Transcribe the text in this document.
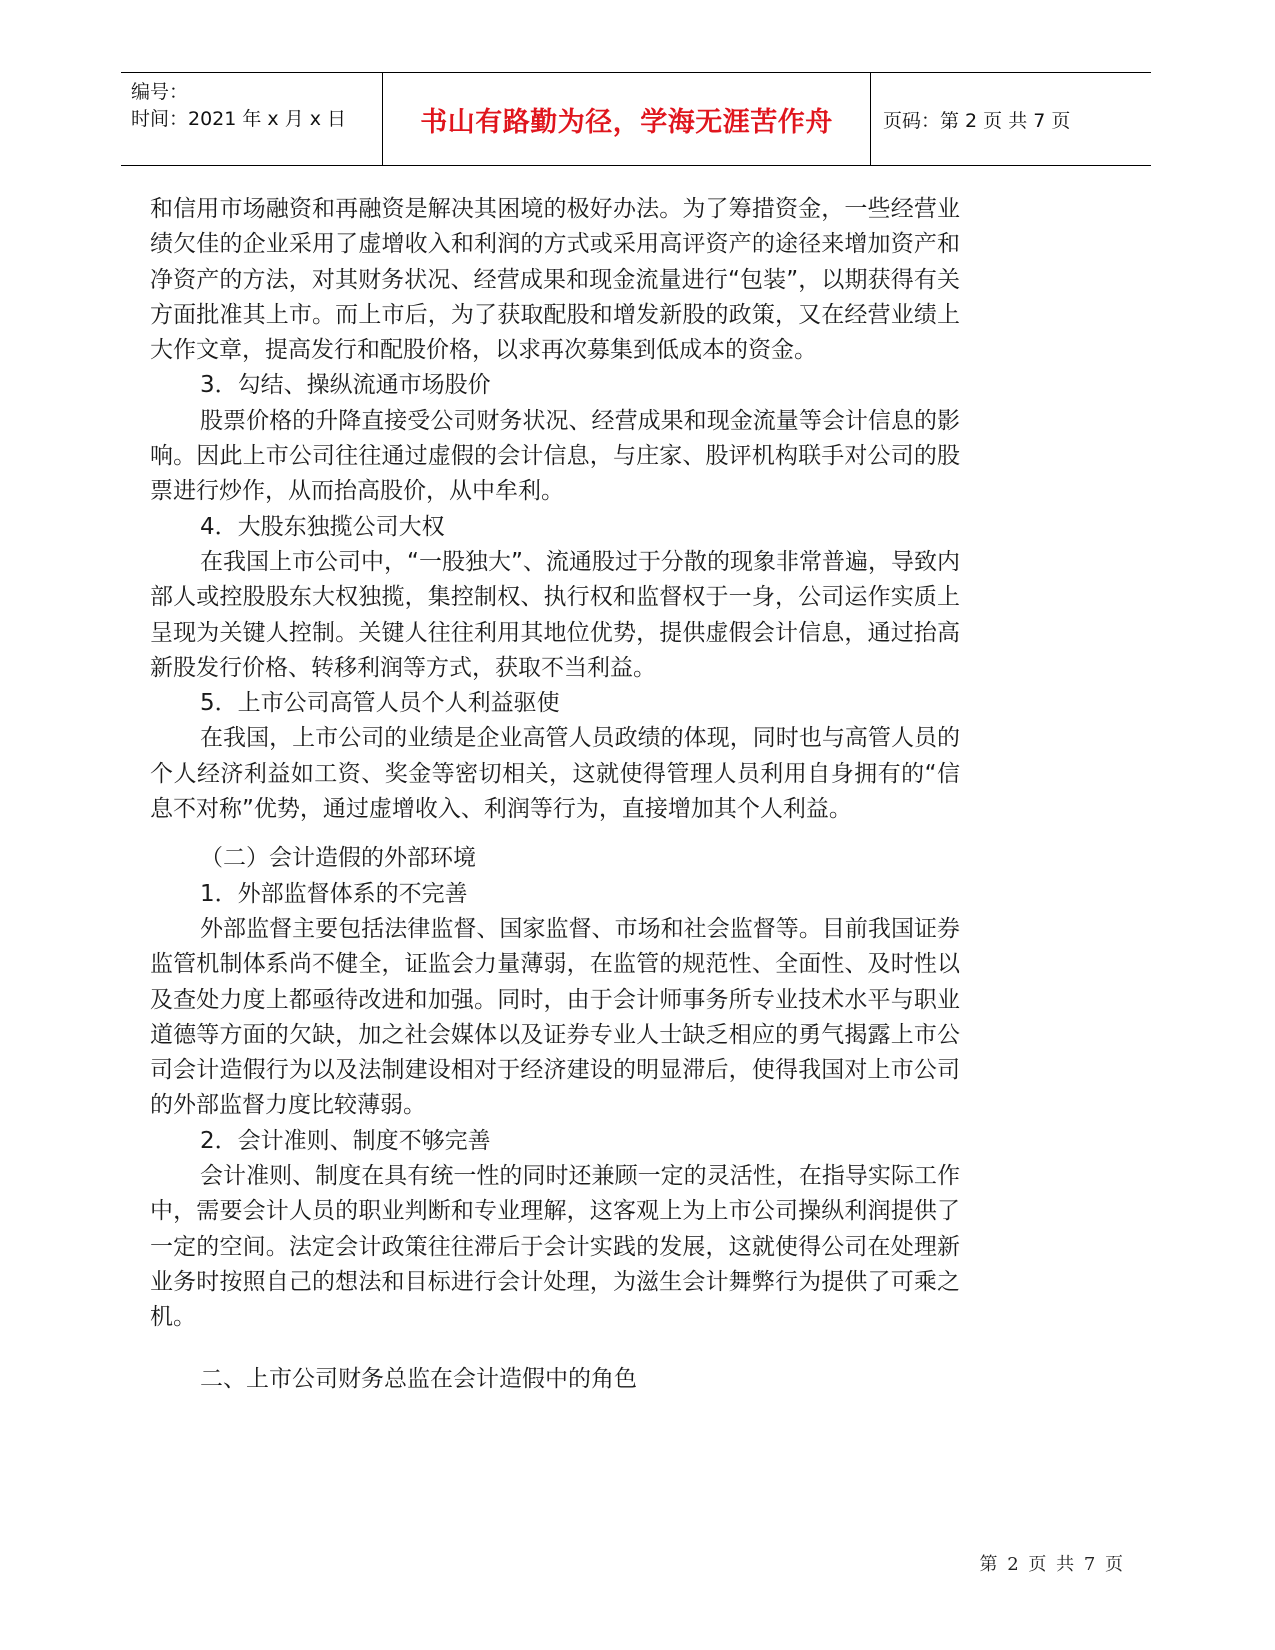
编号：
时间：2021 年 x 月 x 日	书山有路勤为径，学海无涯苦作舟	页码：第 2 页 共 7 页

和信用市场融资和再融资是解决其困境的极好办法。为了筹措资金，一些经营业绩欠佳的企业采用了虚增收入和利润的方式或采用高评资产的途径来增加资产和净资产的方法，对其财务状况、经营成果和现金流量进行“包装”，以期获得有关方面批准其上市。而上市后，为了获取配股和增发新股的政策，又在经营业绩上大作文章，提高发行和配股价格，以求再次募集到低成本的资金。

3．勾结、操纵流通市场股价

股票价格的升降直接受公司财务状况、经营成果和现金流量等会计信息的影响。因此上市公司往往通过虚假的会计信息，与庄家、股评机构联手对公司的股票进行炒作，从而抬高股价，从中牟利。

4．大股东独揽公司大权

在我国上市公司中，“一股独大”、流通股过于分散的现象非常普遍，导致内部人或控股股东大权独揽，集控制权、执行权和监督权于一身，公司运作实质上呈现为关键人控制。关键人往往利用其地位优势，提供虚假会计信息，通过抬高新股发行价格、转移利润等方式，获取不当利益。

5．上市公司高管人员个人利益驱使

在我国，上市公司的业绩是企业高管人员政绩的体现，同时也与高管人员的个人经济利益如工资、奖金等密切相关，这就使得管理人员利用自身拥有的“信息不对称”优势，通过虚增收入、利润等行为，直接增加其个人利益。

（二）会计造假的外部环境

1．外部监督体系的不完善

外部监督主要包括法律监督、国家监督、市场和社会监督等。目前我国证券监管机制体系尚不健全，证监会力量薄弱，在监管的规范性、全面性、及时性以及查处力度上都亟待改进和加强。同时，由于会计师事务所专业技术水平与职业道德等方面的欠缺，加之社会媒体以及证券专业人士缺乏相应的勇气揭露上市公司会计造假行为以及法制建设相对于经济建设的明显滞后，使得我国对上市公司的外部监督力度比较薄弱。

2．会计准则、制度不够完善

会计准则、制度在具有统一性的同时还兼顾一定的灵活性，在指导实际工作中，需要会计人员的职业判断和专业理解，这客观上为上市公司操纵利润提供了一定的空间。法定会计政策往往滞后于会计实践的发展，这就使得公司在处理新业务时按照自己的想法和目标进行会计处理，为滋生会计舞弊行为提供了可乘之机。

二、上市公司财务总监在会计造假中的角色

第 2 页 共 7 页
